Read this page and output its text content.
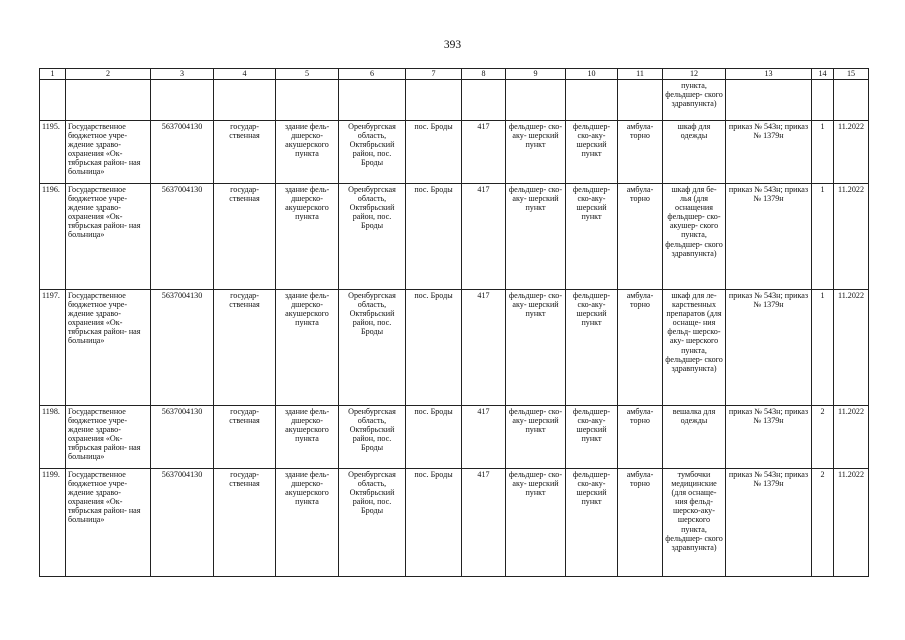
393
1	2	3	4	5	6	7	8	9	10	11	12	13	14	15
											пункта, фельдшер- ского здравпункта)			
1195.	Государственное бюджетное учре- ждение здраво- охранения «Ок- тябрьская район- ная больница»	5637004130	государ- ственная	здание фель- дшерско- акушерского пункта	Оренбургская область, Октябрьский район, пос. Броды	пос. Броды	417	фельдшер- ско-аку- шерский пункт	фельдшер- ско-аку- шерский пункт	амбула- торно	шкаф для одежды	приказ № 543н; приказ № 1379н	1	11.2022
1196.	Государственное бюджетное учре- ждение здраво- охранения «Ок- тябрьская район- ная больница»	5637004130	государ- ственная	здание фель- дшерско- акушерского пункта	Оренбургская область, Октябрьский район, пос. Броды	пос. Броды	417	фельдшер- ско-аку- шерский пункт	фельдшер- ско-аку- шерский пункт	амбула- торно	шкаф для бе- лья (для оснащения фельдшер- ско-акушер- ского пункта, фельдшер- ского здравпункта)	приказ № 543н; приказ № 1379н	1	11.2022
1197.	Государственное бюджетное учре- ждение здраво- охранения «Ок- тябрьская район- ная больница»	5637004130	государ- ственная	здание фель- дшерско- акушерского пункта	Оренбургская область, Октябрьский район, пос. Броды	пос. Броды	417	фельдшер- ско-аку- шерский пункт	фельдшер- ско-аку- шерский пункт	амбула- торно	шкаф для ле- карственных препаратов (для оснаще- ния фельд- шерско-аку- шерского пункта, фельдшер- ского здравпункта)	приказ № 543н; приказ № 1379н	1	11.2022
1198.	Государственное бюджетное учре- ждение здраво- охранения «Ок- тябрьская район- ная больница»	5637004130	государ- ственная	здание фель- дшерско- акушерского пункта	Оренбургская область, Октябрьский район, пос. Броды	пос. Броды	417	фельдшер- ско-аку- шерский пункт	фельдшер- ско-аку- шерский пункт	амбула- торно	вешалка для одежды	приказ № 543н; приказ № 1379н	2	11.2022
1199.	Государственное бюджетное учре- ждение здраво- охранения «Ок- тябрьская район- ная больница»	5637004130	государ- ственная	здание фель- дшерско- акушерского пункта	Оренбургская область, Октябрьский район, пос. Броды	пос. Броды	417	фельдшер- ско-аку- шерский пункт	фельдшер- ско-аку- шерский пункт	амбула- торно	тумбочки медицинские (для оснаще- ния фельд- шерско-аку- шерского пункта, фельдшер- ского здравпункта)	приказ № 543н; приказ № 1379н	2	11.2022
